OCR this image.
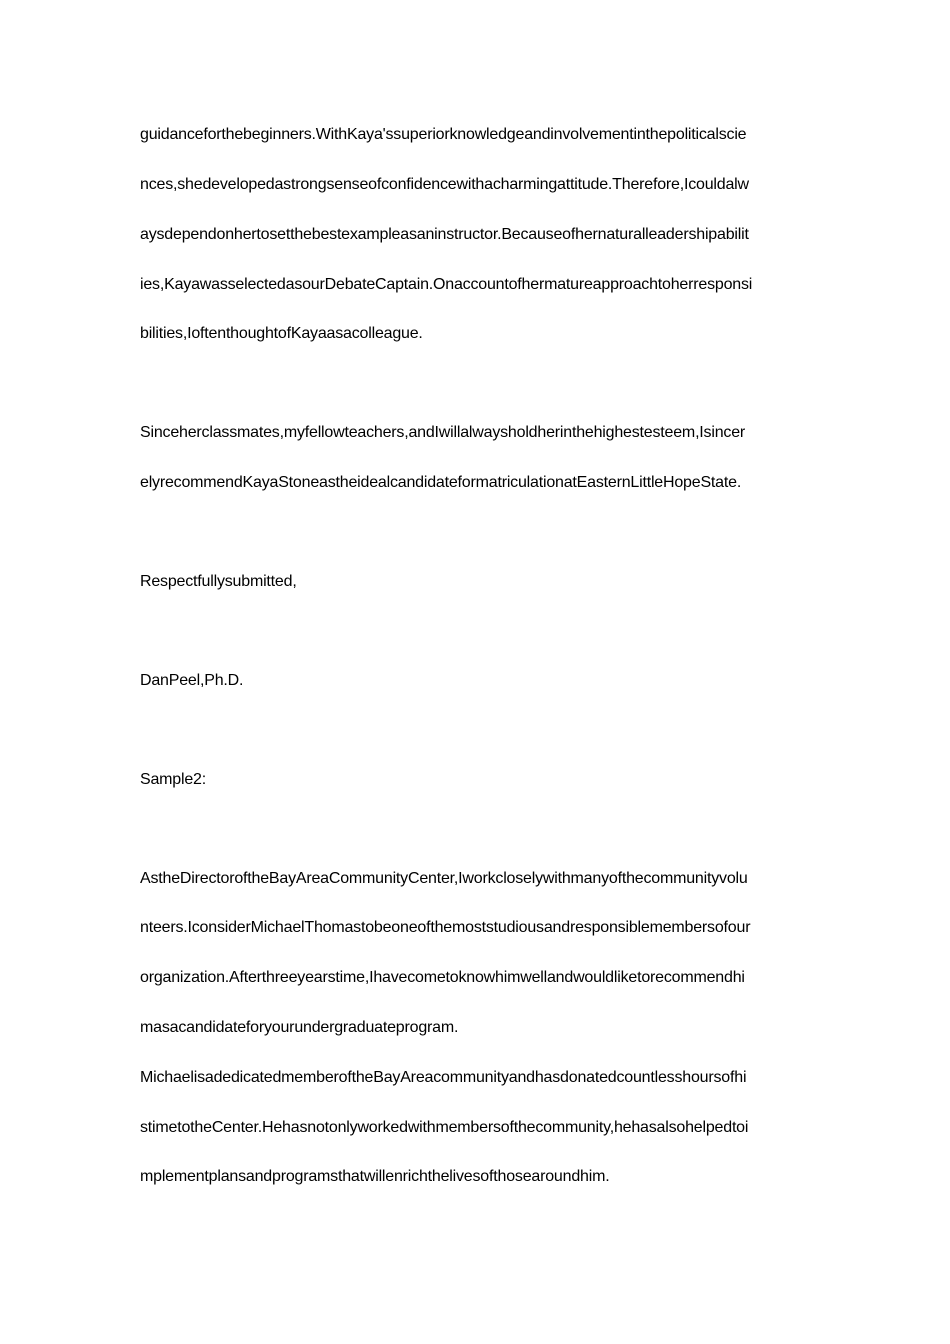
guidanceforthebeginners.WithKaya'ssuperiorknowledgeandinvolvementinthepoliticalscie
nces,shedevelopedastrongsenseofconfidencewithacharmingattitude.Therefore,Icouldalw
aysdependonhertosetthebestexampleasaninstructor.Becauseofhernaturalleadershipabilit
ies,KayawasselectedasourDebateCaptain.Onaccountofhermatureapproachtoherresponsi
bilities,IoftenthoughtofKayaasacolleague.
Sinceherclassmates,myfellowteachers,andIwillalwaysholdherinthehighestesteem,Isincer
elyrecommendKayaStoneastheidealcandidateformatriculationatEasternLittleHopeState.
Respectfullysubmitted,
DanPeel,Ph.D.
Sample2:
AstheDirectoroftheBayAreaCommunityCenter,Iworkcloselywithmanyofthecommunityvolu
nteers.IconsiderMichaelThomastobeoneofthemoststudiousandresponsiblemembersofour
organization.Afterthreeyearstime,Ihavecometoknowhimwellandwouldliketorecommendhi
masacandidateforyourundergraduateprogram.
MichaelisadedicatedmemberoftheBayAreacommunityandhasdonatedcountlesshoursofhi
stimetotheCenter.Hehasnotonlyworkedwithmembersofthecommunity,hehasalsohelpedtoi
mplementplansandprogramsthatwillenrichthelivesofthosearoundhim.
